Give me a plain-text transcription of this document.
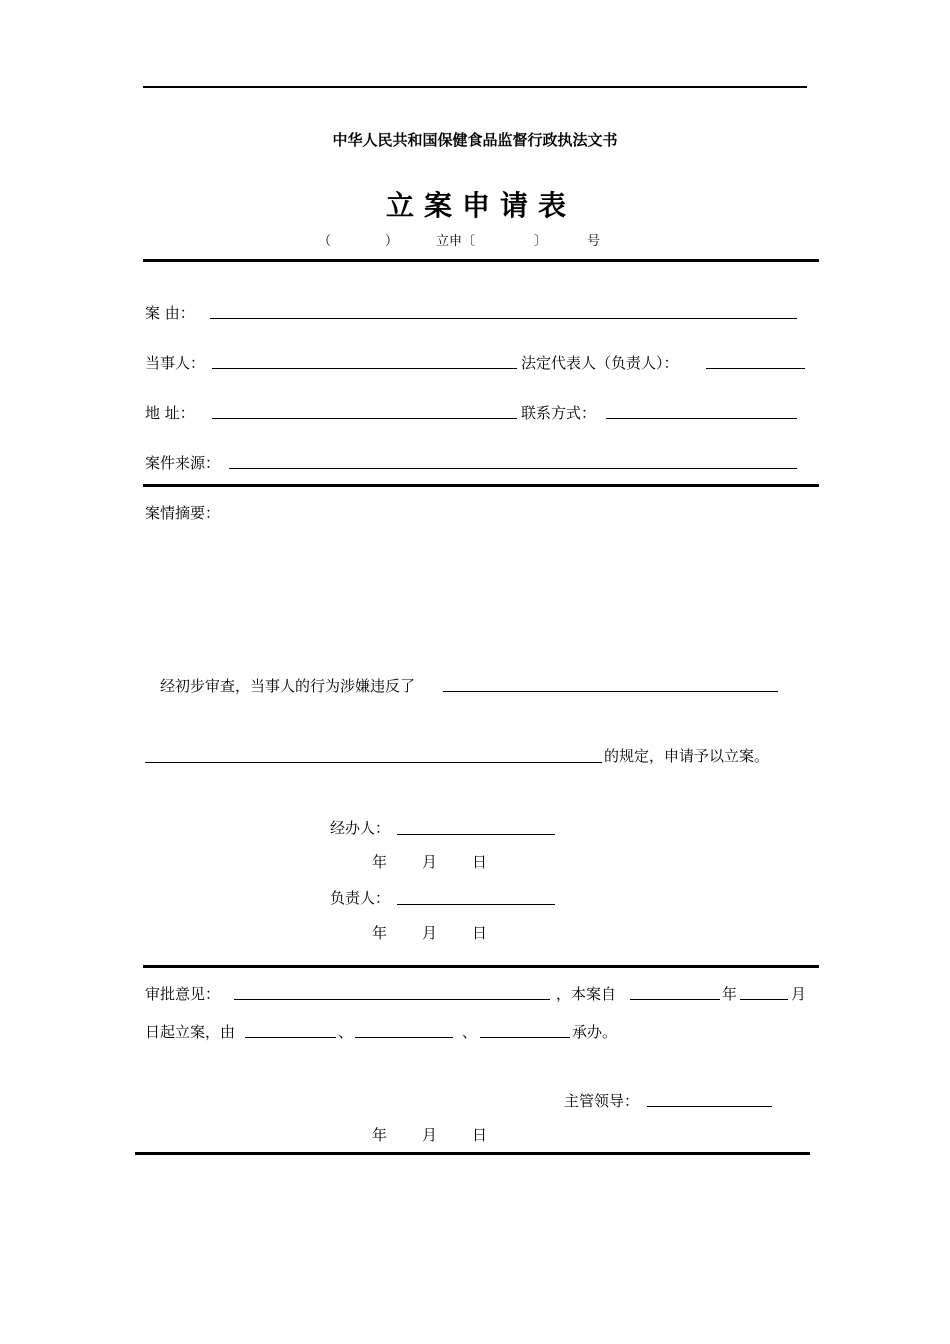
中华人民共和国保健食品监督行政执法文书
立案申请表
（	）	立申〔	〕	号
案 由：
当事人：	法定代表人（负责人）：
地 址：	联系方式：
案件来源：
案情摘要：
经初步审查，当事人的行为涉嫌违反了
的规定，申请予以立案。
经办人：
年 月 日
负责人：
年 月 日
审批意见：	，本案自	年	月
日起立案，由	、	、	承办。
主管领导：
年 月 日
